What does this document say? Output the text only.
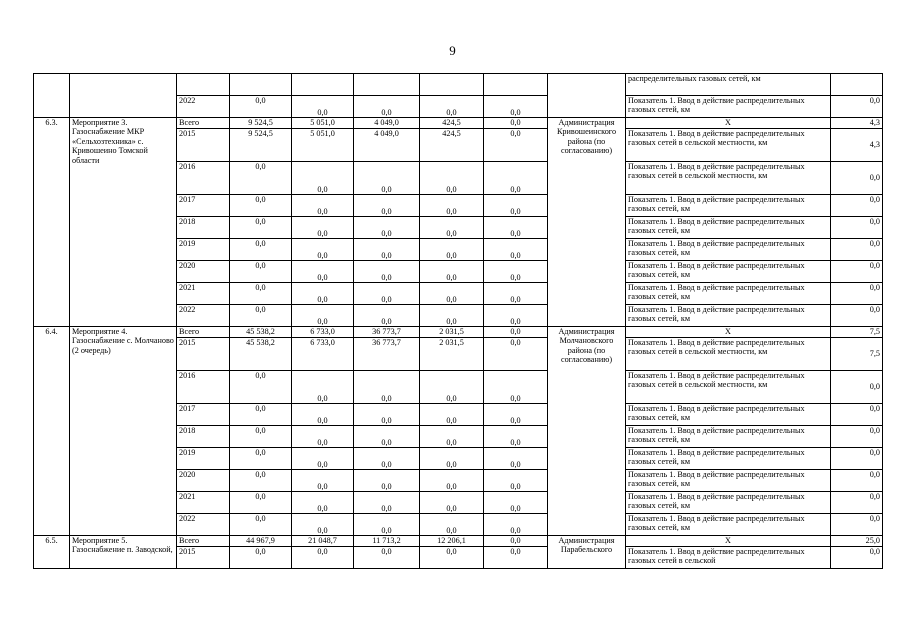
9
									распределительных газовых сетей, км	
		2022	0,0	0,0	0,0	0,0	0,0		Показатель 1. Ввод в действие распределительных газовых сетей, км	0,0
6.3.	Мероприятие 3. Газоснабжение МКР «Сельхозтехника» с. Кривошеино Томской области	Всего	9 524,5	5 051,0	4 049,0	424,5	0,0	Администрация Кривошеинского района (по согласованию)	Х	4,3
		2015	9 524,5	5 051,0	4 049,0	424,5	0,0		Показатель 1. Ввод в действие распределительных газовых сетей в сельской местности, км	4,3
		2016	0,0	0,0	0,0	0,0	0,0		Показатель 1. Ввод в действие распределительных газовых сетей в сельской местности, км	0,0
		2017	0,0	0,0	0,0	0,0	0,0		Показатель 1. Ввод в действие распределительных газовых сетей, км	0,0
		2018	0,0	0,0	0,0	0,0	0,0		Показатель 1. Ввод в действие распределительных газовых сетей, км	0,0
		2019	0,0	0,0	0,0	0,0	0,0		Показатель 1. Ввод в действие распределительных газовых сетей, км	0,0
		2020	0,0	0,0	0,0	0,0	0,0		Показатель 1. Ввод в действие распределительных газовых сетей, км	0,0
		2021	0,0	0,0	0,0	0,0	0,0		Показатель 1. Ввод в действие распределительных газовых сетей, км	0,0
		2022	0,0	0,0	0,0	0,0	0,0		Показатель 1. Ввод в действие распределительных газовых сетей, км	0,0
6.4.	Мероприятие 4. Газоснабжение с. Молчаново (2 очередь)	Всего	45 538,2	6 733,0	36 773,7	2 031,5	0,0	Администрация Молчановского района (по согласованию)	Х	7,5
		2015	45 538,2	6 733,0	36 773,7	2 031,5	0,0		Показатель 1. Ввод в действие распределительных газовых сетей в сельской местности, км	7,5
		2016	0,0	0,0	0,0	0,0	0,0		Показатель 1. Ввод в действие распределительных газовых сетей в сельской местности, км	0,0
		2017	0,0	0,0	0,0	0,0	0,0		Показатель 1. Ввод в действие распределительных газовых сетей, км	0,0
		2018	0,0	0,0	0,0	0,0	0,0		Показатель 1. Ввод в действие распределительных газовых сетей, км	0,0
		2019	0,0	0,0	0,0	0,0	0,0		Показатель 1. Ввод в действие распределительных газовых сетей, км	0,0
		2020	0,0	0,0	0,0	0,0	0,0		Показатель 1. Ввод в действие распределительных газовых сетей, км	0,0
		2021	0,0	0,0	0,0	0,0	0,0		Показатель 1. Ввод в действие распределительных газовых сетей, км	0,0
		2022	0,0	0,0	0,0	0,0	0,0		Показатель 1. Ввод в действие распределительных газовых сетей, км	0,0
6.5.	Мероприятие 5. Газоснабжение п. Заводской,	Всего	44 967,9	21 048,7	11 713,2	12 206,1	0,0	Администрация Парабельского	Х	25,0
		2015	0,0	0,0	0,0	0,0	0,0		Показатель 1. Ввод в действие распределительных газовых сетей в сельской	0,0
